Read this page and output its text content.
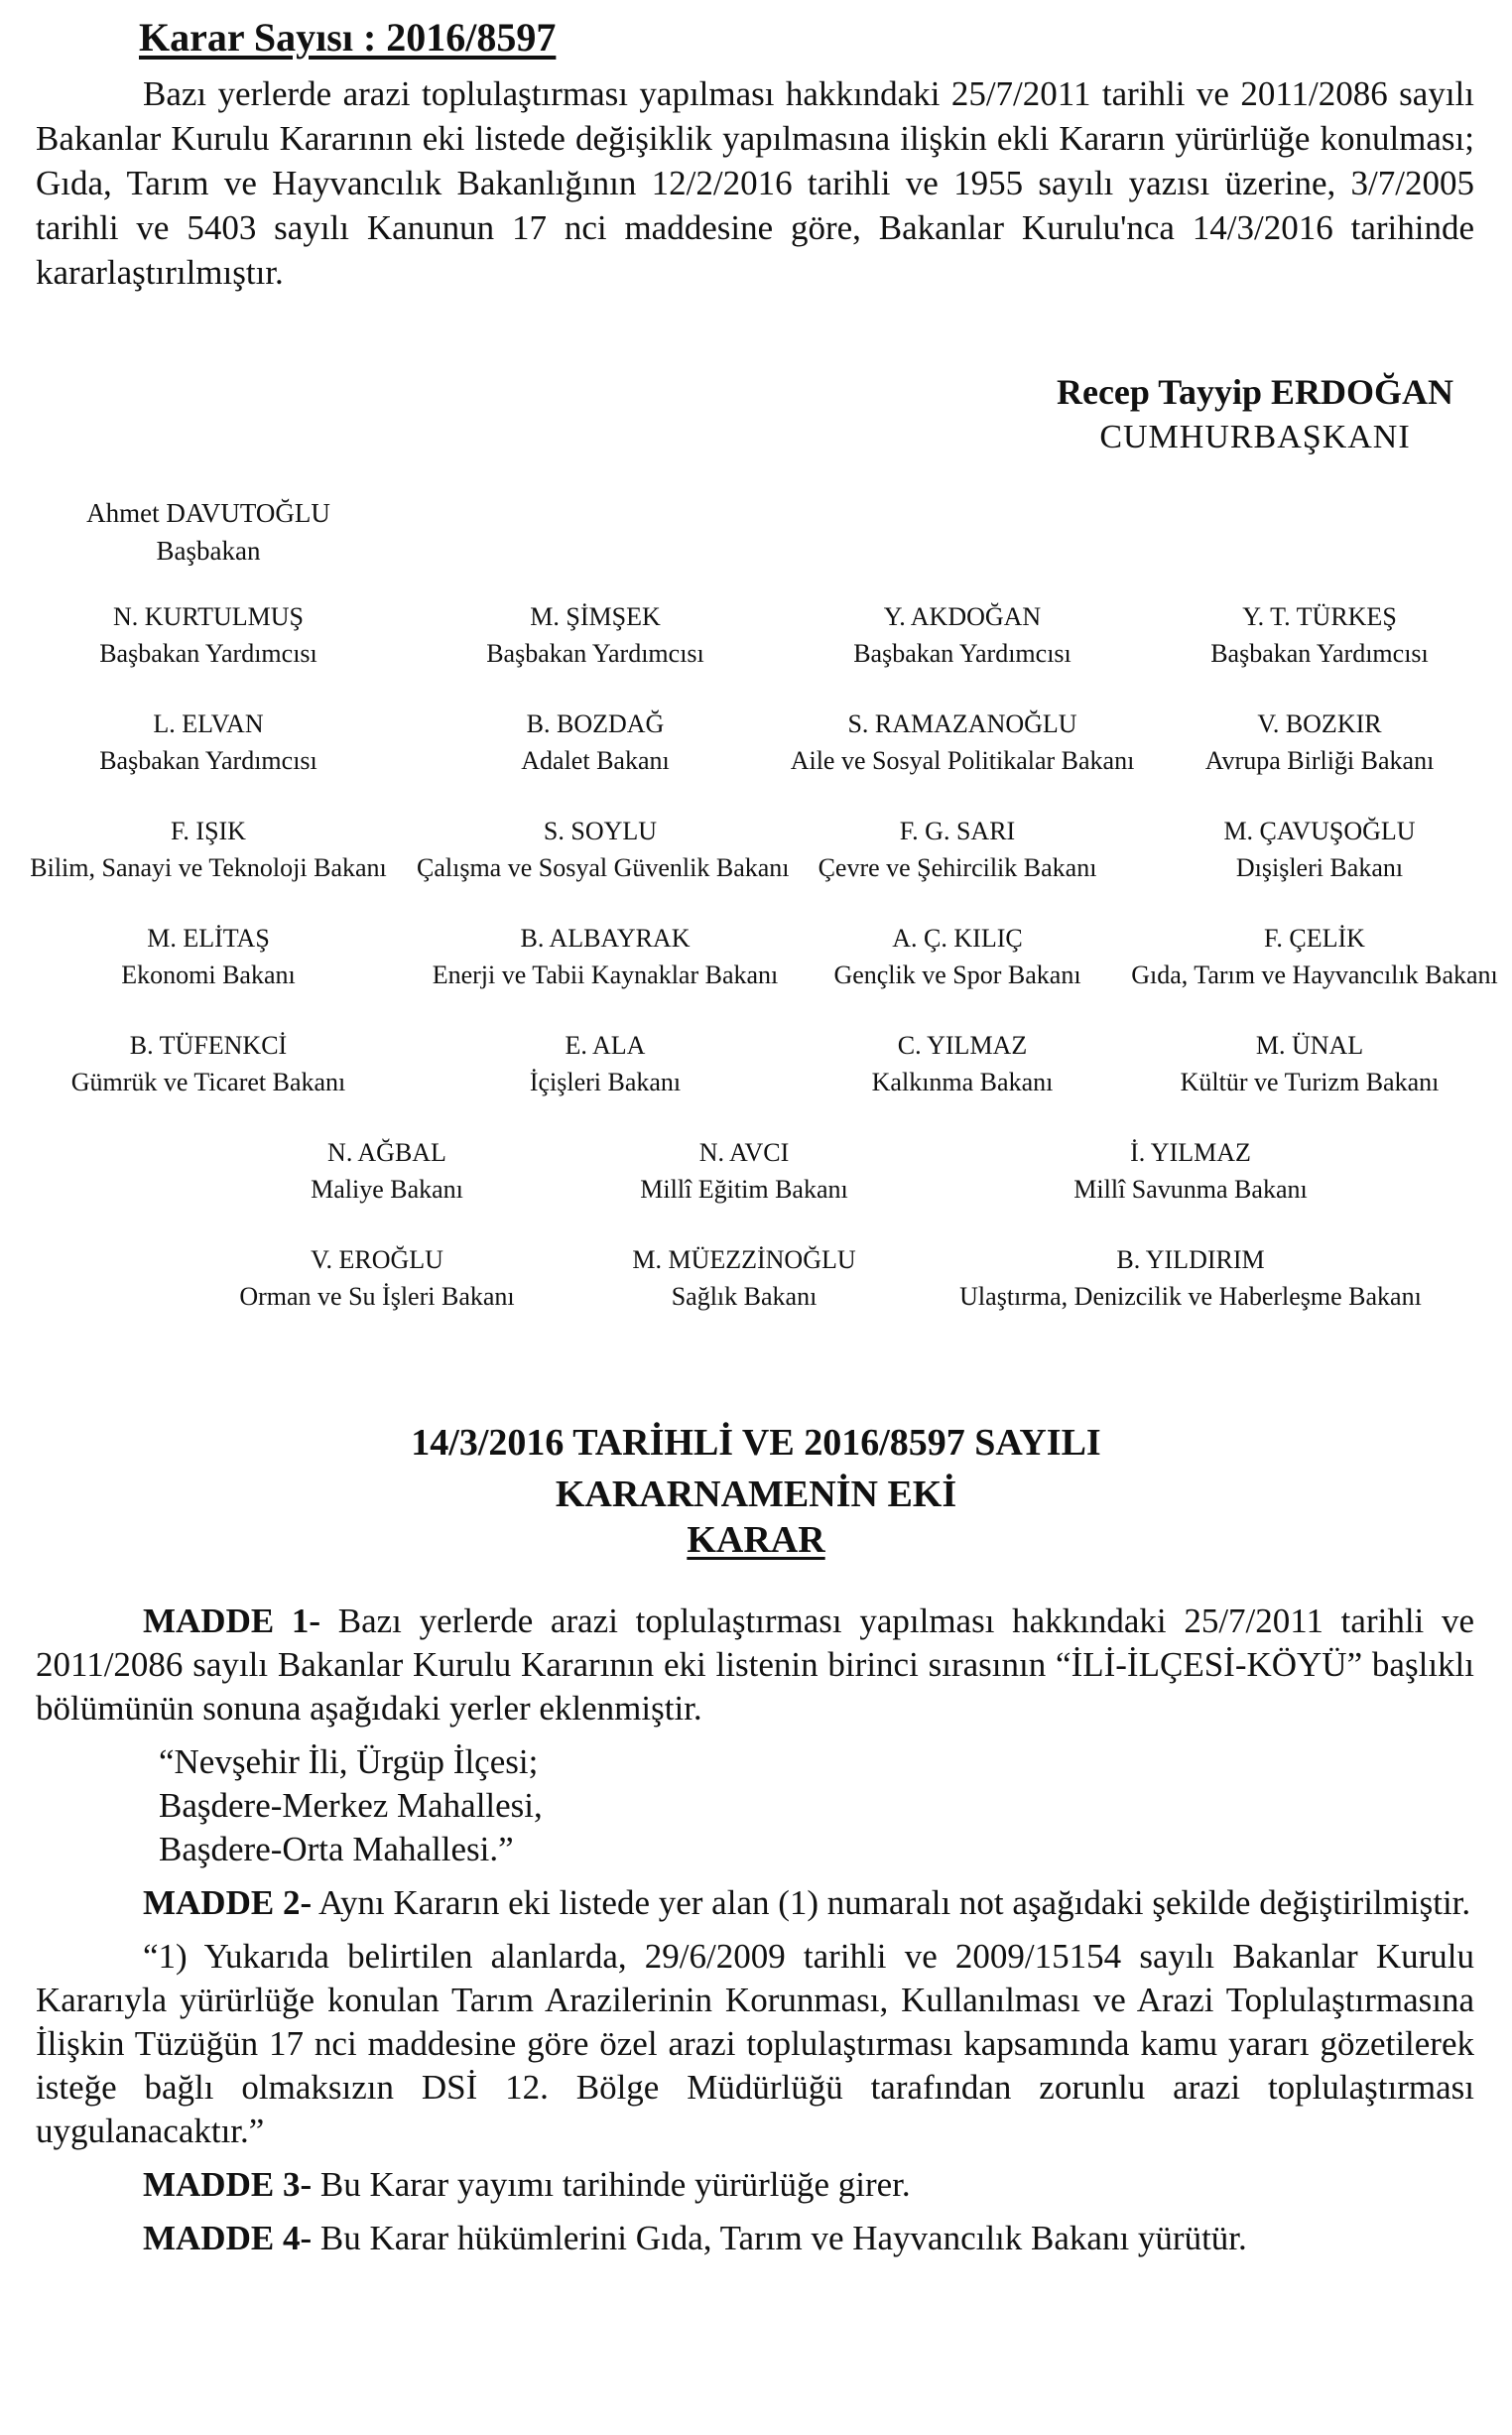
Karar Sayısı : 2016/8597

Bazı yerlerde arazi toplulaştırması yapılması hakkındaki 25/7/2011 tarihli ve 2011/2086 sayılı Bakanlar Kurulu Kararının eki listede değişiklik yapılmasına ilişkin ekli Kararın yürürlüğe konulması; Gıda, Tarım ve Hayvancılık Bakanlığının 12/2/2016 tarihli ve 1955 sayılı yazısı üzerine, 3/7/2005 tarihli ve 5403 sayılı Kanunun 17 nci maddesine göre, Bakanlar Kurulu'nca 14/3/2016 tarihinde kararlaştırılmıştır.

Recep Tayyip ERDOĞAN
CUMHURBAŞKANI
Ahmet DAVUTOĞLU
Başbakan
N. KURTULMUŞ
Başbakan Yardımcısı
M. ŞİMŞEK
Başbakan Yardımcısı
Y. AKDOĞAN
Başbakan Yardımcısı
Y. T. TÜRKEŞ
Başbakan Yardımcısı
L. ELVAN
Başbakan Yardımcısı
B. BOZDAĞ
Adalet Bakanı
S. RAMAZANOĞLU
Aile ve Sosyal Politikalar Bakanı
V. BOZKIR
Avrupa Birliği Bakanı
F. IŞIK
Bilim, Sanayi ve Teknoloji Bakanı
S. SOYLU
Çalışma ve Sosyal Güvenlik Bakanı
F. G. SARI
Çevre ve Şehircilik Bakanı
M. ÇAVUŞOĞLU
Dışişleri Bakanı
M. ELİTAŞ
Ekonomi Bakanı
B. ALBAYRAK
Enerji ve Tabii Kaynaklar Bakanı
A. Ç. KILIÇ
Gençlik ve Spor Bakanı
F. ÇELİK
Gıda, Tarım ve Hayvancılık Bakanı
B. TÜFENKCİ
Gümrük ve Ticaret Bakanı
E. ALA
İçişleri Bakanı
C. YILMAZ
Kalkınma Bakanı
M. ÜNAL
Kültür ve Turizm Bakanı
N. AĞBAL
Maliye Bakanı
N. AVCI
Millî Eğitim Bakanı
İ. YILMAZ
Millî Savunma Bakanı
V. EROĞLU
Orman ve Su İşleri Bakanı
M. MÜEZZİNOĞLU
Sağlık Bakanı
B. YILDIRIM
Ulaştırma, Denizcilik ve Haberleşme Bakanı
14/3/2016 TARİHLİ VE 2016/8597 SAYILI
KARARNAMENİN EKİ
KARAR

MADDE 1- Bazı yerlerde arazi toplulaştırması yapılması hakkındaki 25/7/2011 tarihli ve 2011/2086 sayılı Bakanlar Kurulu Kararının eki listenin birinci sırasının “İLİ-İLÇESİ-KÖYÜ” başlıklı bölümünün sonuna aşağıdaki yerler eklenmiştir.

“Nevşehir İli, Ürgüp İlçesi;

Başdere-Merkez Mahallesi,

Başdere-Orta Mahallesi.”

MADDE 2- Aynı Kararın eki listede yer alan (1) numaralı not aşağıdaki şekilde değiştirilmiştir.

“1) Yukarıda belirtilen alanlarda, 29/6/2009 tarihli ve 2009/15154 sayılı Bakanlar Kurulu Kararıyla yürürlüğe konulan Tarım Arazilerinin Korunması, Kullanılması ve Arazi Toplulaştırmasına İlişkin Tüzüğün 17 nci maddesine göre özel arazi toplulaştırması kapsamında kamu yararı gözetilerek isteğe bağlı olmaksızın DSİ 12. Bölge Müdürlüğü tarafından zorunlu arazi toplulaştırması uygulanacaktır.”

MADDE 3- Bu Karar yayımı tarihinde yürürlüğe girer.

MADDE 4- Bu Karar hükümlerini Gıda, Tarım ve Hayvancılık Bakanı yürütür.
